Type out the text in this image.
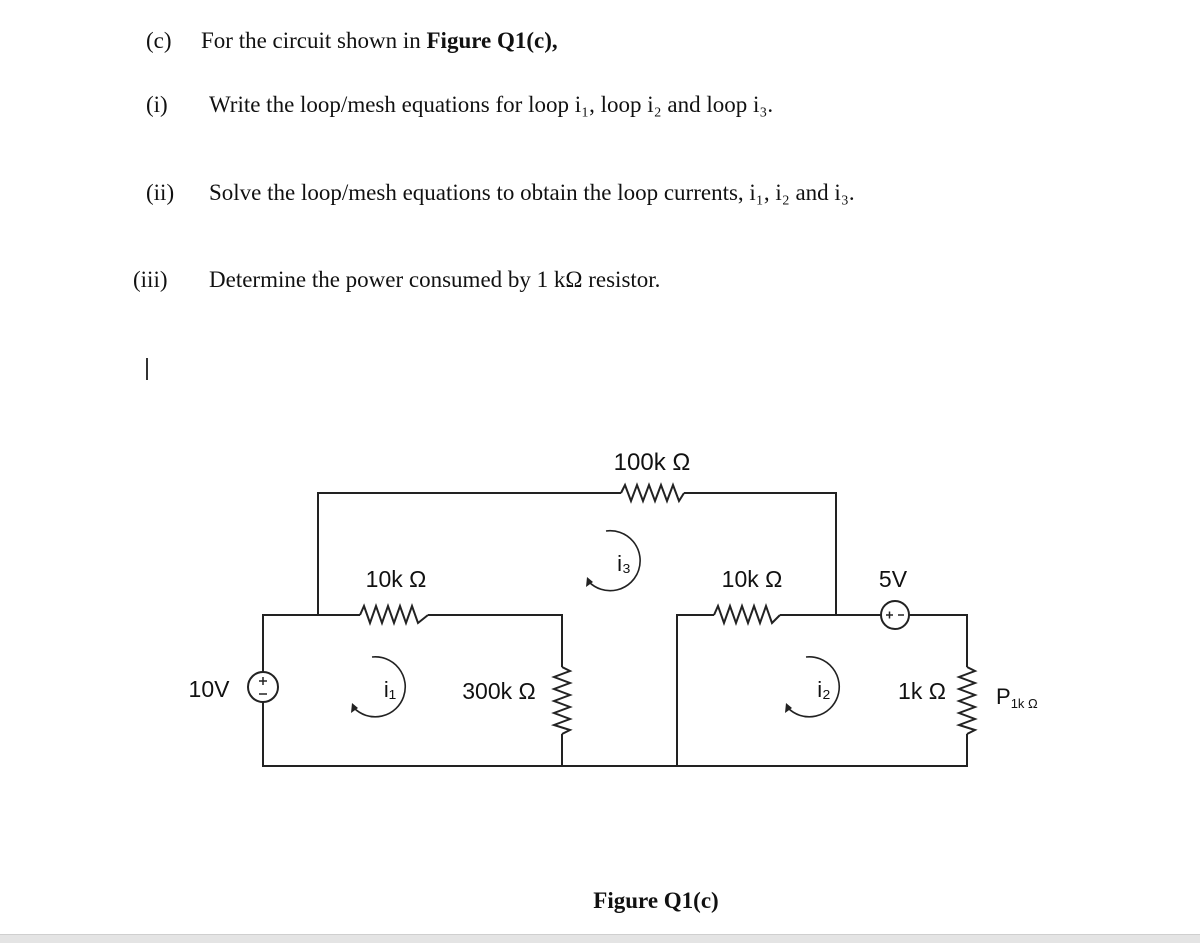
(c) For the circuit shown in Figure Q1(c),
(i) Write the loop/mesh equations for loop i₁, loop i₂ and loop i₃.
(ii) Solve the loop/mesh equations to obtain the loop currents, i₁, i₂ and i₃.
(iii) Determine the power consumed by 1 kΩ resistor.
100k Ω
10k Ω	10k Ω	5V
10V	300k Ω	1k Ω
i₁	i₂
i₃
P1k Ω
Figure Q1(c)
